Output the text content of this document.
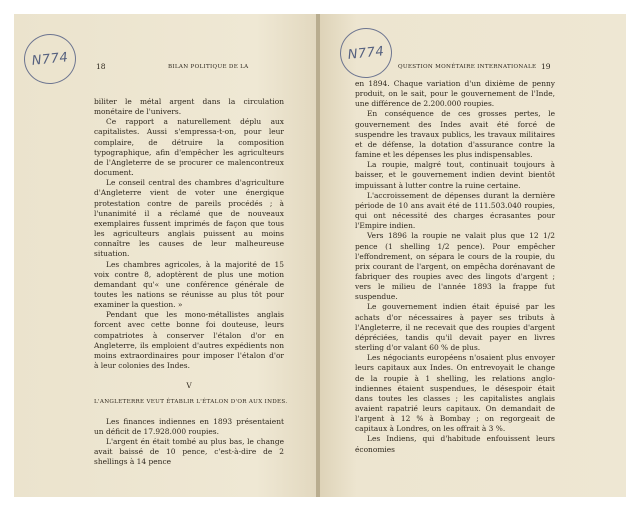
N774	18	BILAN POLITIQUE DE LA

biliter le métal argent dans la circulation monétaire de l'univers.

Ce rapport a naturellement déplu aux capitalistes. Aussi s'empressa-t-on, pour leur complaire, de détruire la composition typographique, afin d'empêcher les agriculteurs de l'Angleterre de se procurer ce malencontreux document.

Le conseil central des chambres d'agriculture d'Angleterre vient de voter une énergique protestation contre de pareils procédés ; à l'unanimité il a réclamé que de nouveaux exemplaires fussent imprimés de façon que tous les agriculteurs anglais puissent au moins connaître les causes de leur malheureuse situation.

Les chambres agricoles, à la majorité de 15 voix contre 8, adoptèrent de plus une motion demandant qu'« une conférence générale de toutes les nations se réunisse au plus tôt pour examiner la question. »

Pendant que les mono-métallistes anglais forcent avec cette bonne foi douteuse, leurs compatriotes à conserver l'étalon d'or en Angleterre, ils emploient d'autres expédients non moins extraordinaires pour imposer l'étalon d'or à leur colonies des Indes.

V
L'ANGLETERRE VEUT ÉTABLIR L'ÉTALON D'OR AUX INDES.

Les finances indiennes en 1893 présentaient un déficit de 17.928.000 roupies.

L'argent én était tombé au plus bas, le change avait baissé de 10 pence, c'est-à-dire de 2 shellings à 14 pence

N774
QUESTION MONÉTAIRE INTERNATIONALE 19

en 1894. Chaque variation d'un dixième de penny produit, on le sait, pour le gouvernement de l'Inde, une différence de 2.200.000 roupies.

En conséquence de ces grosses pertes, le gouvernement des Indes avait été forcé de suspendre les travaux publics, les travaux militaires et de défense, la dotation d'assurance contre la famine et les dépenses les plus indispensables.

La roupie, malgré tout, continuait toujours à baisser, et le gouvernement indien devint bientôt impuissant à lutter contre la ruine certaine.

L'accroissement de dépenses durant la dernière période de 10 ans avait été de 111.503.040 roupies, qui ont nécessité des charges écrasantes pour l'Empire indien.

Vers 1896 la roupie ne valait plus que 12 1/2 pence (1 shelling 1/2 pence). Pour empêcher l'effondrement, on sépara le cours de la roupie, du prix courant de l'argent, on empêcha dorénavant de fabriquer des roupies avec des lingots d'argent ; vers le milieu de l'année 1893 la frappe fut suspendue.

Le gouvernement indien était épuisé par les achats d'or nécessaires à payer ses tributs à l'Angleterre, il ne recevait que des roupies d'argent dépréciées, tandis qu'il devait payer en livres sterling d'or valant 60 % de plus.

Les négociants européens n'osaient plus envoyer leurs capitaux aux Indes. On entrevoyait le change de la roupie à 1 shelling, les relations anglo-indiennes étaient suspendues, le désespoir était dans toutes les classes ; les capitalistes anglais avaient rapatrié leurs capitaux. On demandait de l'argent à 12 % à Bombay ; on regorgeait de capitaux à Londres, on les offrait à 3 %.

Les Indiens, qui d'habitude enfouissent leurs économies
